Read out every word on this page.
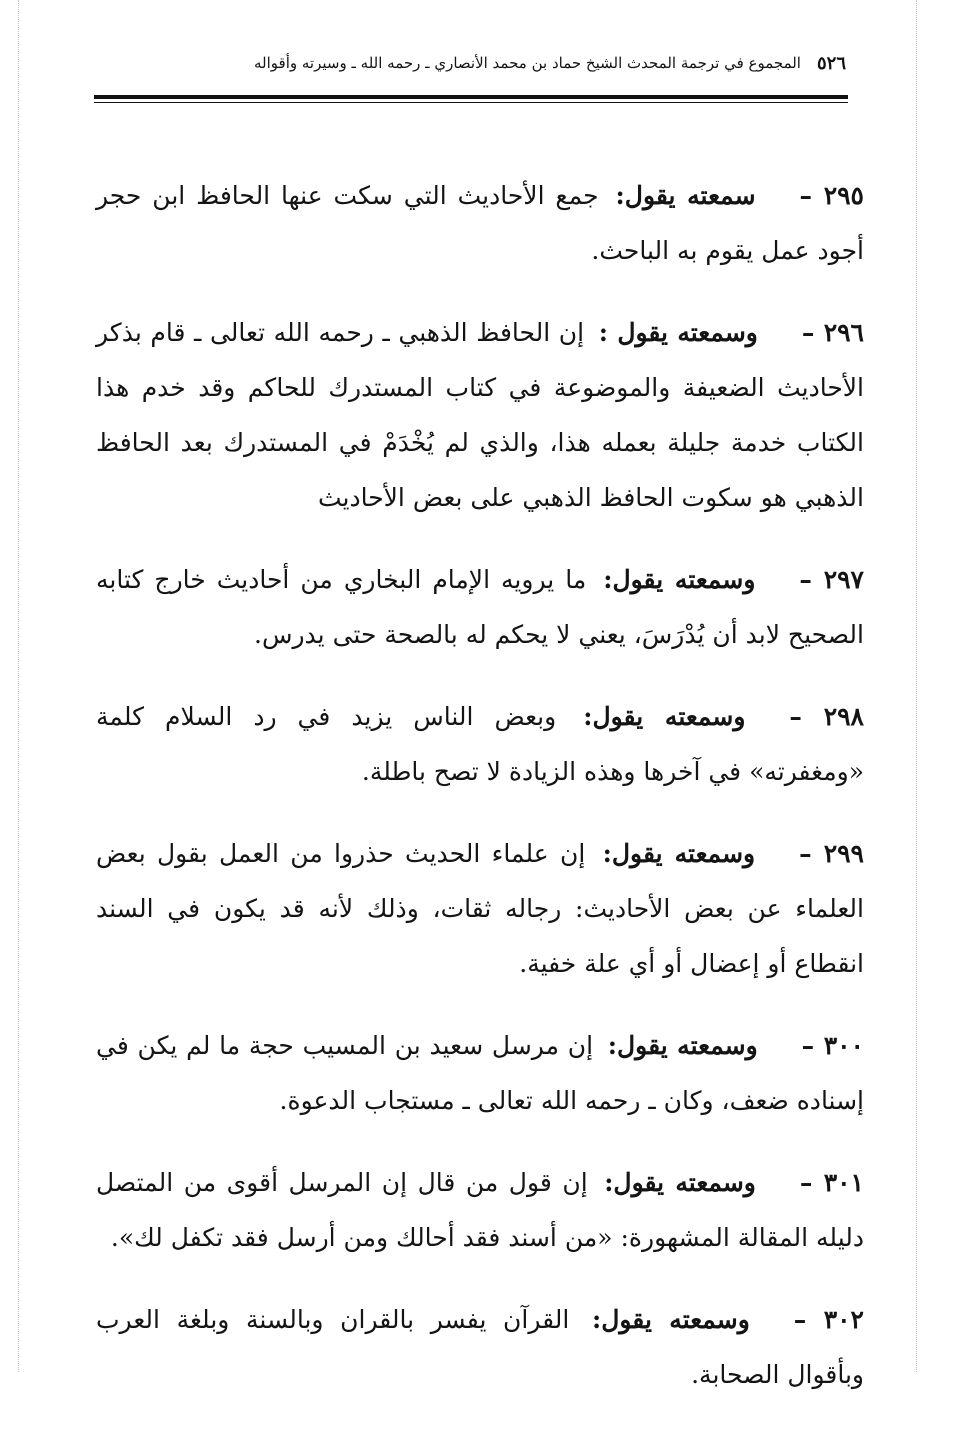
٥٢٦
المجموع في ترجمة المحدث الشيخ حماد بن محمد الأنصاري ـ رحمه الله ـ وسيرته وأقواله

٢٩٥ –سمعته يقول: جمع الأحاديث التي سكت عنها الحافظ ابن حجر أجود عمل يقوم به الباحث.

٢٩٦ –وسمعته يقول : إن الحافظ الذهبي ـ رحمه الله تعالى ـ قام بذكر الأحاديث الضعيفة والموضوعة في كتاب المستدرك للحاكم وقد خدم هذا الكتاب خدمة جليلة بعمله هذا، والذي لم يُخْدَمْ في المستدرك بعد الحافظ الذهبي هو سكوت الحافظ الذهبي على بعض الأحاديث

٢٩٧ –وسمعته يقول: ما يرويه الإمام البخاري من أحاديث خارج كتابه الصحيح لابد أن يُدْرَسَ، يعني لا يحكم له بالصحة حتى يدرس.

٢٩٨ –وسمعته يقول: وبعض الناس يزيد في رد السلام كلمة «ومغفرته» في آخرها وهذه الزيادة لا تصح باطلة.

٢٩٩ –وسمعته يقول: إن علماء الحديث حذروا من العمل بقول بعض العلماء عن بعض الأحاديث: رجاله ثقات، وذلك لأنه قد يكون في السند انقطاع أو إعضال أو أي علة خفية.

٣٠٠ –وسمعته يقول: إن مرسل سعيد بن المسيب حجة ما لم يكن في إسناده ضعف، وكان ـ رحمه الله تعالى ـ مستجاب الدعوة.

٣٠١ –وسمعته يقول: إن قول من قال إن المرسل أقوى من المتصل دليله المقالة المشهورة: «من أسند فقد أحالك ومن أرسل فقد تكفل لك».

٣٠٢ –وسمعته يقول: القرآن يفسر بالقران وبالسنة وبلغة العرب وبأقوال الصحابة.
